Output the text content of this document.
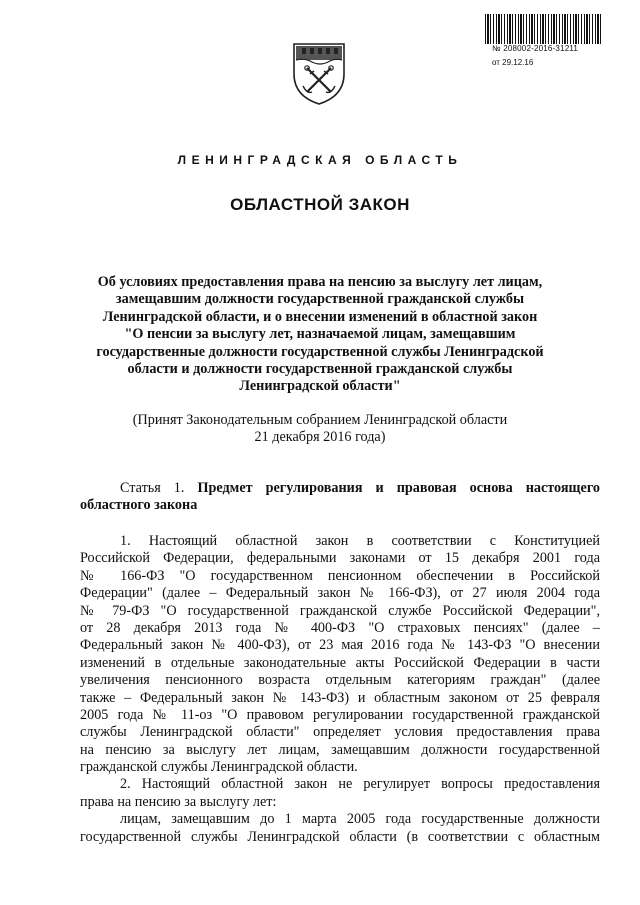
№ 208002-2016-31211
от 29.12.16
ЛЕНИНГРАДСКАЯ ОБЛАСТЬ
ОБЛАСТНОЙ ЗАКОН
Об условиях предоставления права на пенсию за выслугу лет лицам,
замещавшим должности государственной гражданской службы
Ленинградской области, и о внесении изменений в областной закон
"О пенсии за выслугу лет, назначаемой лицам, замещавшим
государственные должности государственной службы Ленинградской
области и должности государственной гражданской службы
Ленинградской области"
(Принят Законодательным собранием Ленинградской области
21 декабря 2016 года)
Статья 1. Предмет регулирования и правовая основа настоящего
областного закона
1. Настоящий областной закон в соответствии с Конституцией
Российской Федерации, федеральными законами от 15 декабря 2001 года
№ 166-ФЗ "О государственном пенсионном обеспечении в Российской
Федерации" (далее – Федеральный закон № 166-ФЗ), от 27 июля 2004 года
№ 79-ФЗ "О государственной гражданской службе Российской Федерации",
от 28 декабря 2013 года № 400-ФЗ "О страховых пенсиях" (далее –
Федеральный закон № 400-ФЗ), от 23 мая 2016 года № 143-ФЗ "О внесении
изменений в отдельные законодательные акты Российской Федерации в части
увеличения пенсионного возраста отдельным категориям граждан" (далее
также – Федеральный закон № 143-ФЗ) и областным законом от 25 февраля
2005 года № 11-оз "О правовом регулировании государственной гражданской
службы Ленинградской области" определяет условия предоставления права
на пенсию за выслугу лет лицам, замещавшим должности государственной
гражданской службы Ленинградской области.
2. Настоящий областной закон не регулирует вопросы предоставления
права на пенсию за выслугу лет:
лицам, замещавшим до 1 марта 2005 года государственные должности
государственной службы Ленинградской области (в соответствии с областным
